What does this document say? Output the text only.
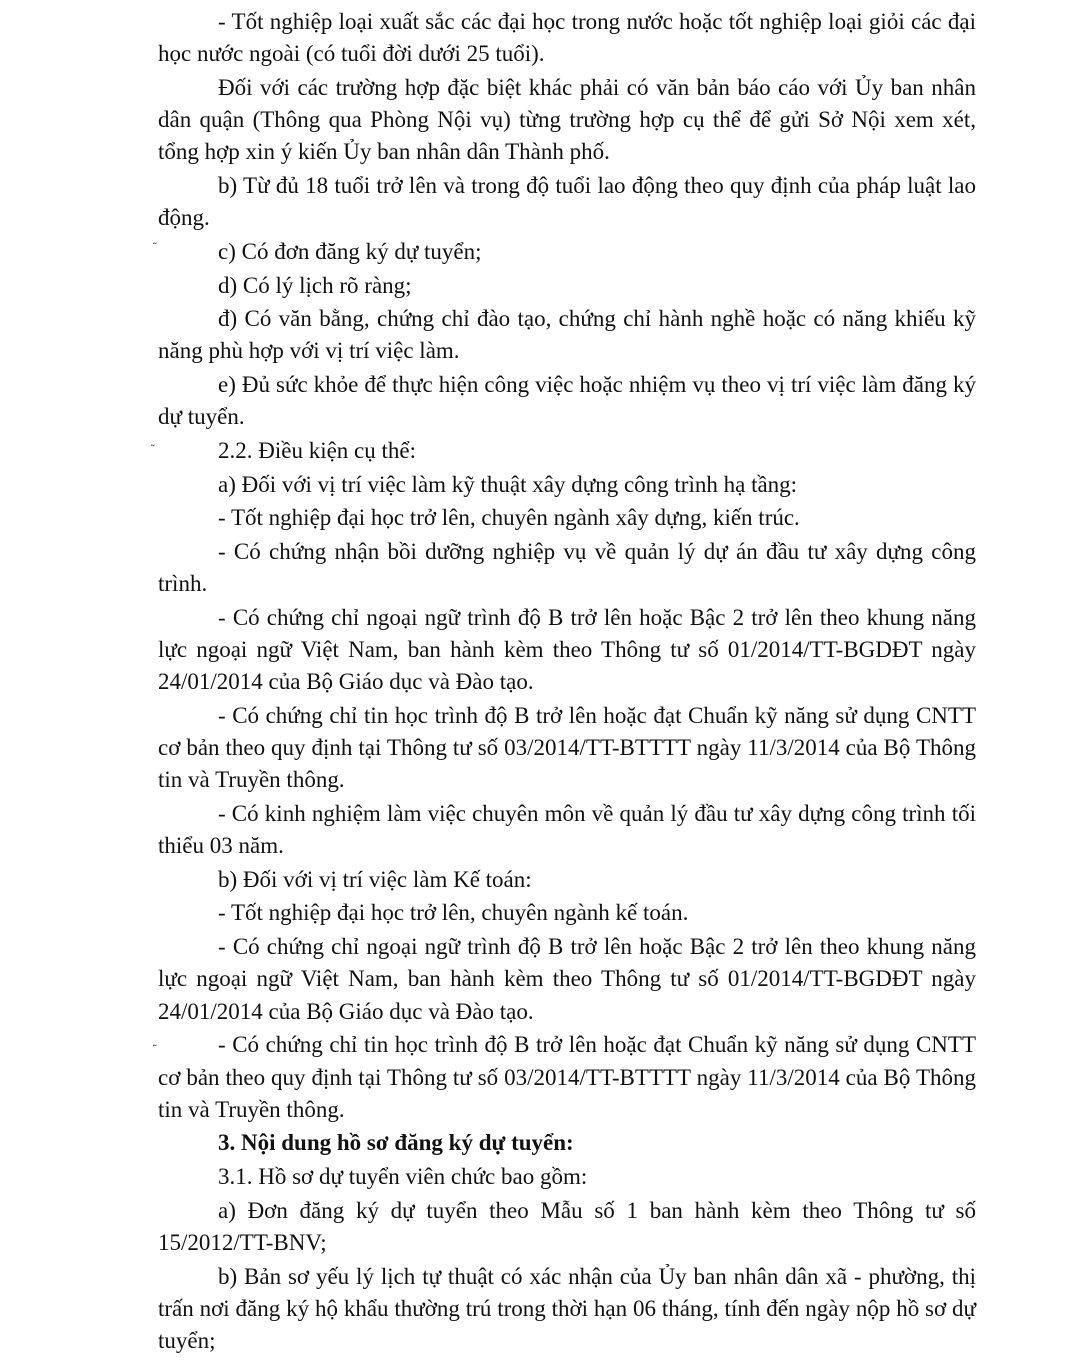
- Tốt nghiệp loại xuất sắc các đại học trong nước hoặc tốt nghiệp loại giỏi các đại học nước ngoài (có tuổi đời dưới 25 tuổi).

Đối với các trường hợp đặc biệt khác phải có văn bản báo cáo với Ủy ban nhân dân quận (Thông qua Phòng Nội vụ) từng trường hợp cụ thể để gửi Sở Nội xem xét, tổng hợp xin ý kiến Ủy ban nhân dân Thành phố.

b) Từ đủ 18 tuổi trở lên và trong độ tuổi lao động theo quy định của pháp luật lao động.

c) Có đơn đăng ký dự tuyển;

d) Có lý lịch rõ ràng;

đ) Có văn bằng, chứng chỉ đào tạo, chứng chỉ hành nghề hoặc có năng khiếu kỹ năng phù hợp với vị trí việc làm.

e) Đủ sức khỏe để thực hiện công việc hoặc nhiệm vụ theo vị trí việc làm đăng ký dự tuyển.

2.2. Điều kiện cụ thể:

a) Đối với vị trí việc làm kỹ thuật xây dựng công trình hạ tầng:

- Tốt nghiệp đại học trở lên, chuyên ngành xây dựng, kiến trúc.

- Có chứng nhận bồi dưỡng nghiệp vụ về quản lý dự án đầu tư xây dựng công trình.

- Có chứng chỉ ngoại ngữ trình độ B trở lên hoặc Bậc 2 trở lên theo khung năng lực ngoại ngữ Việt Nam, ban hành kèm theo Thông tư số 01/2014/TT-BGDĐT ngày 24/01/2014 của Bộ Giáo dục và Đào tạo.

- Có chứng chỉ tin học trình độ B trở lên hoặc đạt Chuẩn kỹ năng sử dụng CNTT cơ bản theo quy định tại Thông tư số 03/2014/TT-BTTTT ngày 11/3/2014 của Bộ Thông tin và Truyền thông.

- Có kinh nghiệm làm việc chuyên môn về quản lý đầu tư xây dựng công trình tối thiểu 03 năm.

b) Đối với vị trí việc làm Kế toán:

- Tốt nghiệp đại học trở lên, chuyên ngành kế toán.

- Có chứng chỉ ngoại ngữ trình độ B trở lên hoặc Bậc 2 trở lên theo khung năng lực ngoại ngữ Việt Nam, ban hành kèm theo Thông tư số 01/2014/TT-BGDĐT ngày 24/01/2014 của Bộ Giáo dục và Đào tạo.

- Có chứng chỉ tin học trình độ B trở lên hoặc đạt Chuẩn kỹ năng sử dụng CNTT cơ bản theo quy định tại Thông tư số 03/2014/TT-BTTTT ngày 11/3/2014 của Bộ Thông tin và Truyền thông.

3. Nội dung hồ sơ đăng ký dự tuyển:

3.1. Hồ sơ dự tuyển viên chức bao gồm:

a) Đơn đăng ký dự tuyển theo Mẫu số 1 ban hành kèm theo Thông tư số 15/2012/TT-BNV;

b) Bản sơ yếu lý lịch tự thuật có xác nhận của Ủy ban nhân dân xã - phường, thị trấn nơi đăng ký hộ khẩu thường trú trong thời hạn 06 tháng, tính đến ngày nộp hồ sơ dự tuyển;

˜
˜
˜
